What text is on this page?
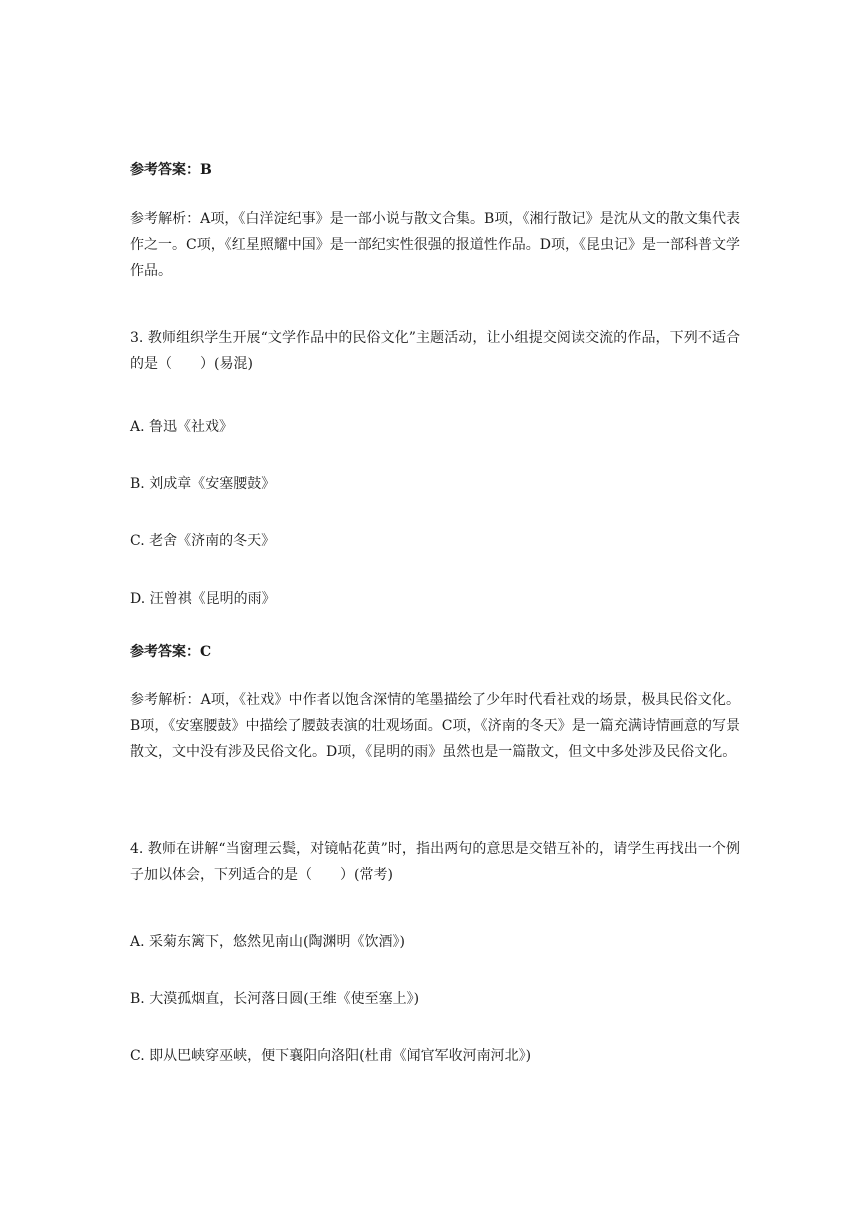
参考答案：B
参考解析：A项，《白洋淀纪事》是一部小说与散文合集。B项，《湘行散记》是沈从文的散文集代表作之一。C项，《红星照耀中国》是一部纪实性很强的报道性作品。D项，《昆虫记》是一部科普文学作品。
3. 教师组织学生开展“文学作品中的民俗文化”主题活动，让小组提交阅读交流的作品，下列不适合的是（　　）(易混)
A. 鲁迅《社戏》
B. 刘成章《安塞腰鼓》
C. 老舍《济南的冬天》
D. 汪曾祺《昆明的雨》
参考答案：C
参考解析：A项，《社戏》中作者以饱含深情的笔墨描绘了少年时代看社戏的场景，极具民俗文化。B项，《安塞腰鼓》中描绘了腰鼓表演的壮观场面。C项，《济南的冬天》是一篇充满诗情画意的写景散文，文中没有涉及民俗文化。D项，《昆明的雨》虽然也是一篇散文，但文中多处涉及民俗文化。
4. 教师在讲解“当窗理云鬓，对镜帖花黄”时，指出两句的意思是交错互补的，请学生再找出一个例子加以体会，下列适合的是（　　）(常考)
A. 采菊东篱下，悠然见南山(陶渊明《饮酒》)
B. 大漠孤烟直，长河落日圆(王维《使至塞上》)
C. 即从巴峡穿巫峡，便下襄阳向洛阳(杜甫《闻官军收河南河北》)
